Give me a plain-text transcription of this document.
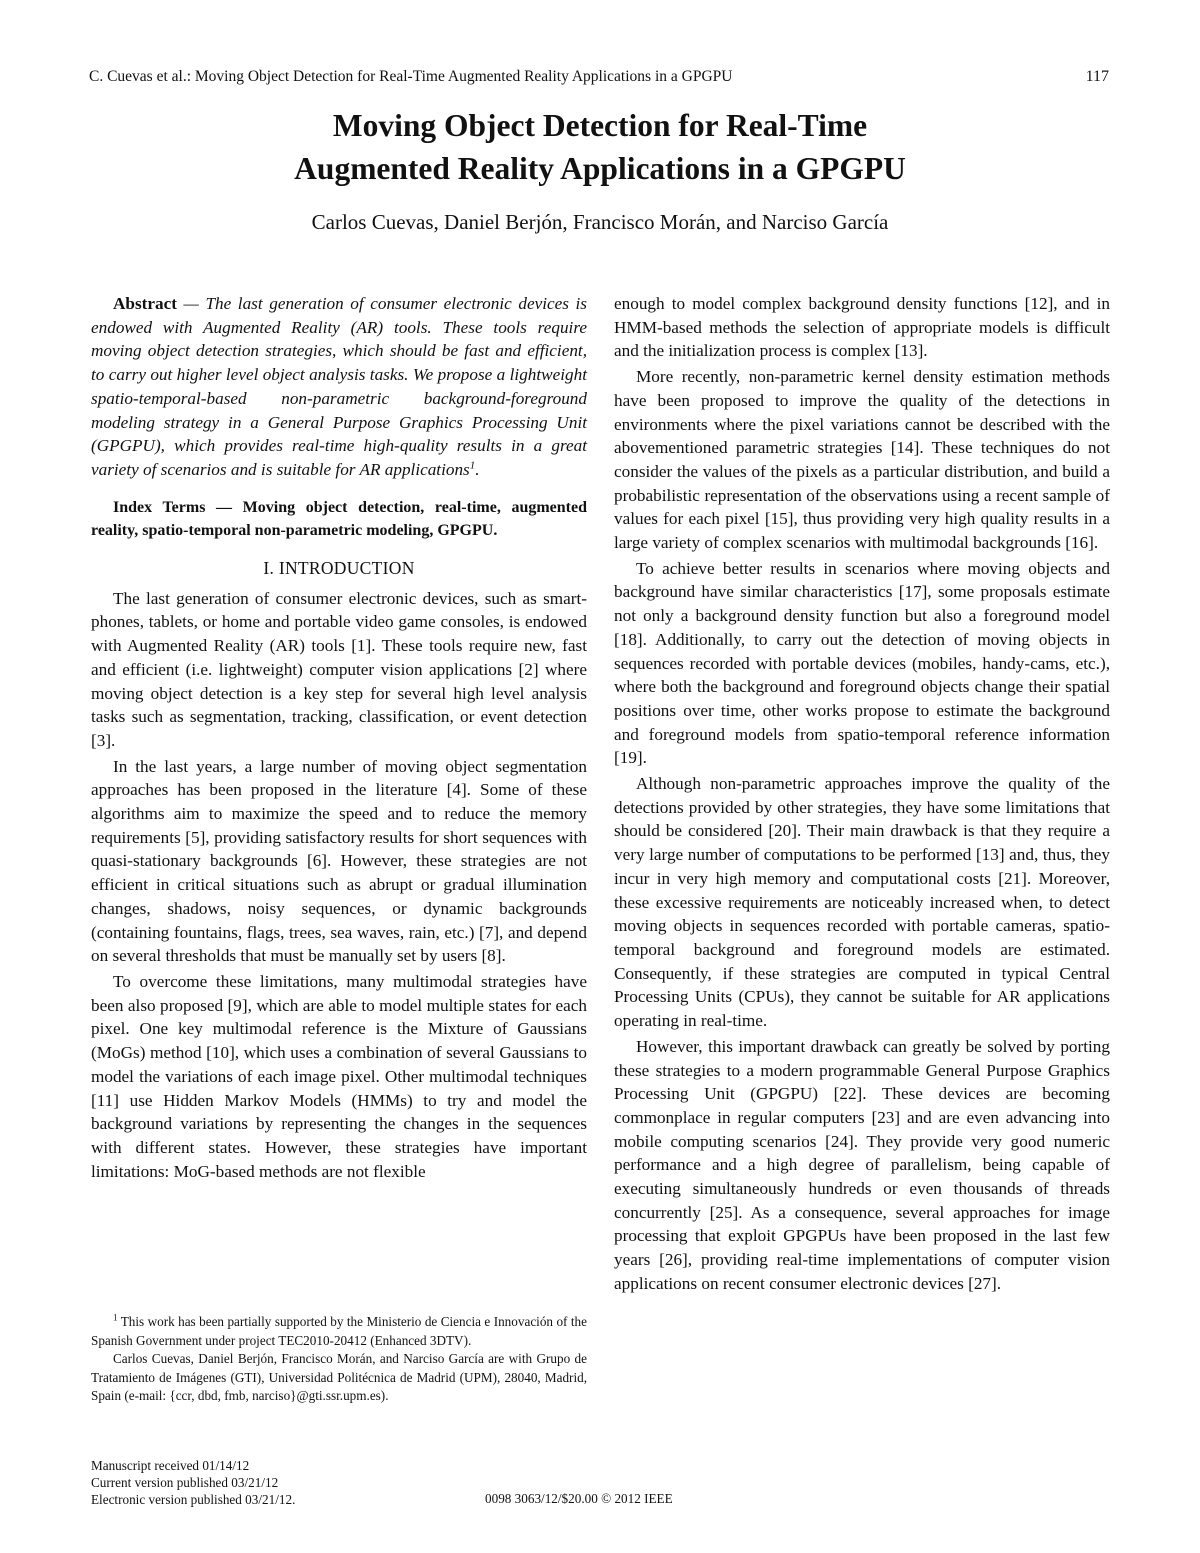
C. Cuevas et al.: Moving Object Detection for Real-Time Augmented Reality Applications in a GPGPU	117
Moving Object Detection for Real-Time
Augmented Reality Applications in a GPGPU

Carlos Cuevas, Daniel Berjón, Francisco Morán, and Narciso García

Abstract — The last generation of consumer electronic devices is endowed with Augmented Reality (AR) tools. These tools require moving object detection strategies, which should be fast and efficient, to carry out higher level object analysis tasks. We propose a lightweight spatio-temporal-based non-parametric background-foreground modeling strategy in a General Purpose Graphics Processing Unit (GPGPU), which provides real-time high-quality results in a great variety of scenarios and is suitable for AR applications$^1$.

Index Terms — Moving object detection, real-time, augmented reality, spatio-temporal non-parametric modeling, GPGPU.

I. INTRODUCTION

The last generation of consumer electronic devices, such as smart-phones, tablets, or home and portable video game consoles, is endowed with Augmented Reality (AR) tools [1]. These tools require new, fast and efficient (i.e. lightweight) computer vision applications [2] where moving object detection is a key step for several high level analysis tasks such as segmentation, tracking, classification, or event detection [3].

In the last years, a large number of moving object segmentation approaches has been proposed in the literature [4]. Some of these algorithms aim to maximize the speed and to reduce the memory requirements [5], providing satisfactory results for short sequences with quasi-stationary backgrounds [6]. However, these strategies are not efficient in critical situations such as abrupt or gradual illumination changes, shadows, noisy sequences, or dynamic backgrounds (containing fountains, flags, trees, sea waves, rain, etc.) [7], and depend on several thresholds that must be manually set by users [8].

To overcome these limitations, many multimodal strategies have been also proposed [9], which are able to model multiple states for each pixel. One key multimodal reference is the Mixture of Gaussians (MoGs) method [10], which uses a combination of several Gaussians to model the variations of each image pixel. Other multimodal techniques [11] use Hidden Markov Models (HMMs) to try and model the background variations by representing the changes in the sequences with different states. However, these strategies have important limitations: MoG-based methods are not flexible

enough to model complex background density functions [12], and in HMM-based methods the selection of appropriate models is difficult and the initialization process is complex [13].

More recently, non-parametric kernel density estimation methods have been proposed to improve the quality of the detections in environments where the pixel variations cannot be described with the abovementioned parametric strategies [14]. These techniques do not consider the values of the pixels as a particular distribution, and build a probabilistic representation of the observations using a recent sample of values for each pixel [15], thus providing very high quality results in a large variety of complex scenarios with multimodal backgrounds [16].

To achieve better results in scenarios where moving objects and background have similar characteristics [17], some proposals estimate not only a background density function but also a foreground model [18]. Additionally, to carry out the detection of moving objects in sequences recorded with portable devices (mobiles, handy-cams, etc.), where both the background and foreground objects change their spatial positions over time, other works propose to estimate the background and foreground models from spatio-temporal reference information [19].

Although non-parametric approaches improve the quality of the detections provided by other strategies, they have some limitations that should be considered [20]. Their main drawback is that they require a very large number of computations to be performed [13] and, thus, they incur in very high memory and computational costs [21]. Moreover, these excessive requirements are noticeably increased when, to detect moving objects in sequences recorded with portable cameras, spatio-temporal background and foreground models are estimated. Consequently, if these strategies are computed in typical Central Processing Units (CPUs), they cannot be suitable for AR applications operating in real-time.

However, this important drawback can greatly be solved by porting these strategies to a modern programmable General Purpose Graphics Processing Unit (GPGPU) [22]. These devices are becoming commonplace in regular computers [23] and are even advancing into mobile computing scenarios [24]. They provide very good numeric performance and a high degree of parallelism, being capable of executing simultaneously hundreds or even thousands of threads concurrently [25]. As a consequence, several approaches for image processing that exploit GPGPUs have been proposed in the last few years [26], providing real-time implementations of computer vision applications on recent consumer electronic devices [27].

$^1$ This work has been partially supported by the Ministerio de Ciencia e Innovación of the Spanish Government under project TEC2010-20412 (Enhanced 3DTV).

Carlos Cuevas, Daniel Berjón, Francisco Morán, and Narciso García are with Grupo de Tratamiento de Imágenes (GTI), Universidad Politécnica de Madrid (UPM), 28040, Madrid, Spain (e-mail: {ccr, dbd, fmb, narciso}@gti.ssr.upm.es).

Manuscript received 01/14/12
Current version published 03/21/12
Electronic version published 03/21/12.	0098 3063/12/$20.00 © 2012 IEEE
